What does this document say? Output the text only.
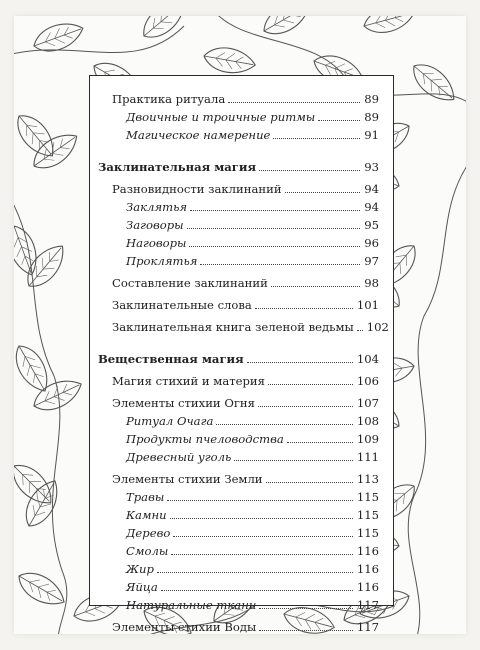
Практика ритуала	89
Двоичные и троичные ритмы	89
Магическое намерение	91
Заклинательная магия	93
Разновидности заклинаний	94
Заклятья	94
Заговоры	95
Наговоры	96
Проклятья	97
Составление заклинаний	98
Заклинательные слова	101
Заклинательная книга зеленой ведьмы	102
Вещественная магия	104
Магия стихий и материя	106
Элементы стихии Огня	107
Ритуал Очага	108
Продукты пчеловодства	109
Древесный уголь	111
Элементы стихии Земли	113
Травы	115
Камни	115
Дерево	115
Смолы	116
Жир	116
Яйца	116
Натуральные ткани	117
Элементы стихии Воды	117
